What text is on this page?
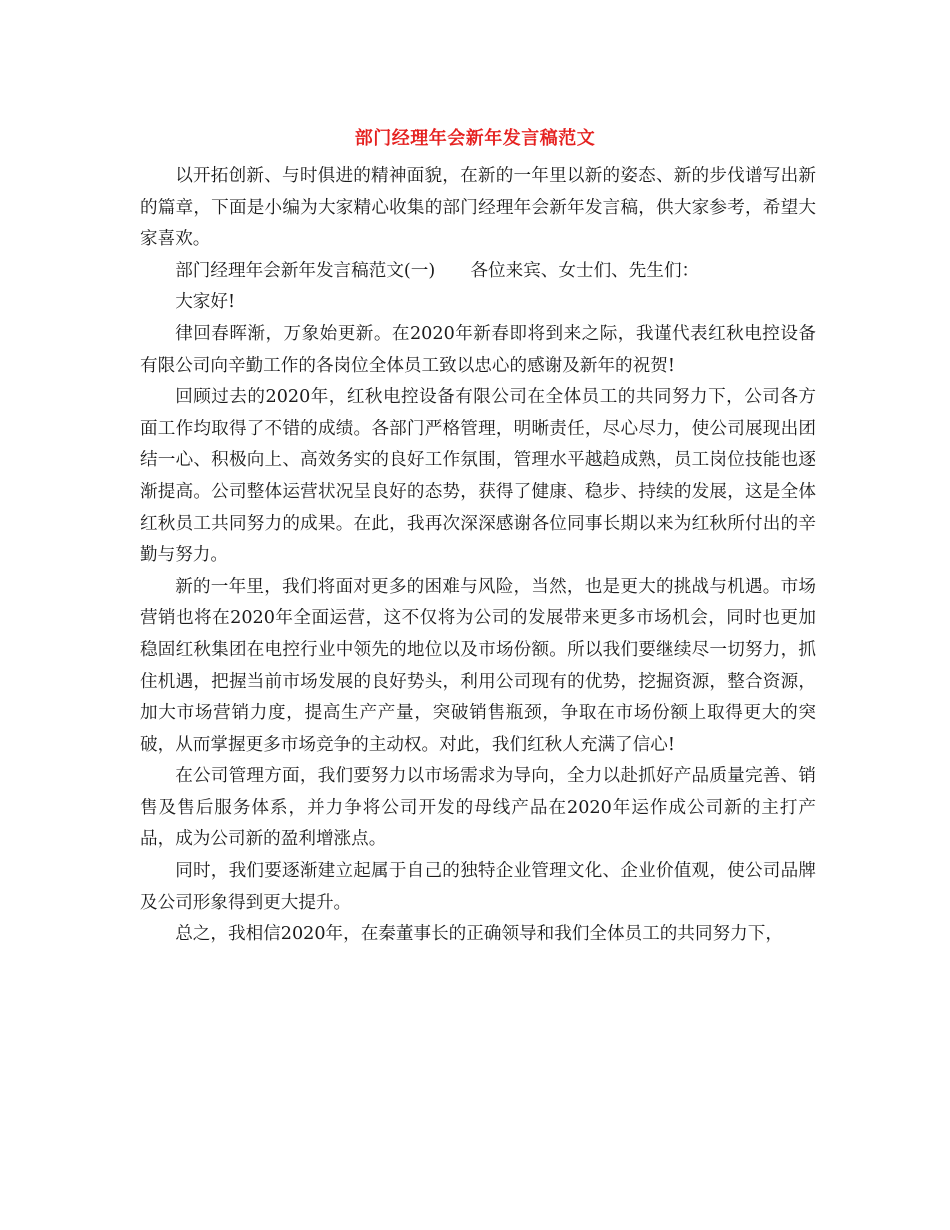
部门经理年会新年发言稿范文

以开拓创新、与时俱进的精神面貌，在新的一年里以新的姿态、新的步伐谱写出新的篇章，下面是小编为大家精心收集的部门经理年会新年发言稿，供大家参考，希望大家喜欢。

部门经理年会新年发言稿范文(一)　　各位来宾、女士们、先生们：

大家好!

律回春晖渐，万象始更新。在2020年新春即将到来之际，我谨代表红秋电控设备有限公司向辛勤工作的各岗位全体员工致以忠心的感谢及新年的祝贺!

回顾过去的2020年，红秋电控设备有限公司在全体员工的共同努力下，公司各方面工作均取得了不错的成绩。各部门严格管理，明晰责任，尽心尽力，使公司展现出团结一心、积极向上、高效务实的良好工作氛围，管理水平越趋成熟，员工岗位技能也逐渐提高。公司整体运营状况呈良好的态势，获得了健康、稳步、持续的发展，这是全体红秋员工共同努力的成果。在此，我再次深深感谢各位同事长期以来为红秋所付出的辛勤与努力。

新的一年里，我们将面对更多的困难与风险，当然，也是更大的挑战与机遇。市场营销也将在2020年全面运营，这不仅将为公司的发展带来更多市场机会，同时也更加稳固红秋集团在电控行业中领先的地位以及市场份额。所以我们要继续尽一切努力，抓住机遇，把握当前市场发展的良好势头，利用公司现有的优势，挖掘资源，整合资源，加大市场营销力度，提高生产产量，突破销售瓶颈，争取在市场份额上取得更大的突破，从而掌握更多市场竞争的主动权。对此，我们红秋人充满了信心!

在公司管理方面，我们要努力以市场需求为导向，全力以赴抓好产品质量完善、销售及售后服务体系，并力争将公司开发的母线产品在2020年运作成公司新的主打产品，成为公司新的盈利增涨点。

同时，我们要逐渐建立起属于自己的独特企业管理文化、企业价值观，使公司品牌及公司形象得到更大提升。

总之，我相信2020年，在秦董事长的正确领导和我们全体员工的共同努力下，
